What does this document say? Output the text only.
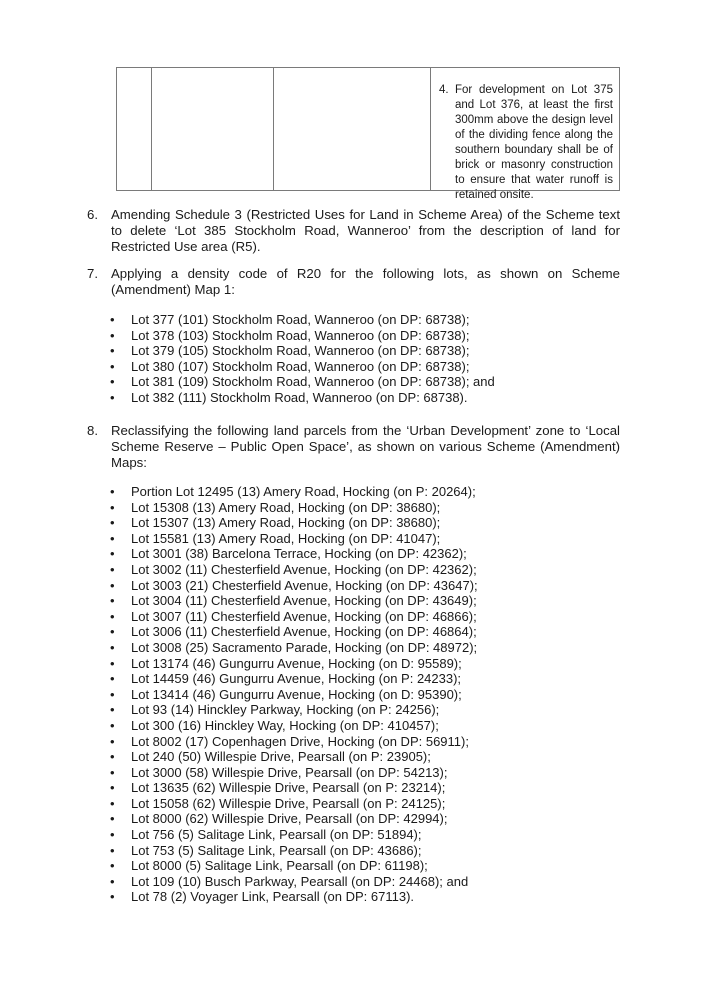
4. For development on Lot 375 and Lot 376, at least the first 300mm above the design level of the dividing fence along the southern boundary shall be of brick or masonry construction to ensure that water runoff is retained onsite.
6. Amending Schedule 3 (Restricted Uses for Land in Scheme Area) of the Scheme text to delete ‘Lot 385 Stockholm Road, Wanneroo’ from the description of land for Restricted Use area (R5).
7. Applying a density code of R20 for the following lots, as shown on Scheme (Amendment) Map 1:
• Lot 377 (101) Stockholm Road, Wanneroo (on DP: 68738);
• Lot 378 (103) Stockholm Road, Wanneroo (on DP: 68738);
• Lot 379 (105) Stockholm Road, Wanneroo (on DP: 68738);
• Lot 380 (107) Stockholm Road, Wanneroo (on DP: 68738);
• Lot 381 (109) Stockholm Road, Wanneroo (on DP: 68738); and
• Lot 382 (111) Stockholm Road, Wanneroo (on DP: 68738).
8. Reclassifying the following land parcels from the ‘Urban Development’ zone to ‘Local Scheme Reserve – Public Open Space’, as shown on various Scheme (Amendment) Maps:
• Portion Lot 12495 (13) Amery Road, Hocking (on P: 20264);
• Lot 15308 (13) Amery Road, Hocking (on DP: 38680);
• Lot 15307 (13) Amery Road, Hocking (on DP: 38680);
• Lot 15581 (13) Amery Road, Hocking (on DP: 41047);
• Lot 3001 (38) Barcelona Terrace, Hocking (on DP: 42362);
• Lot 3002 (11) Chesterfield Avenue, Hocking (on DP: 42362);
• Lot 3003 (21) Chesterfield Avenue, Hocking (on DP: 43647);
• Lot 3004 (11) Chesterfield Avenue, Hocking (on DP: 43649);
• Lot 3007 (11) Chesterfield Avenue, Hocking (on DP: 46866);
• Lot 3006 (11) Chesterfield Avenue, Hocking (on DP: 46864);
• Lot 3008 (25) Sacramento Parade, Hocking (on DP: 48972);
• Lot 13174 (46) Gungurru Avenue, Hocking (on D: 95589);
• Lot 14459 (46) Gungurru Avenue, Hocking (on P: 24233);
• Lot 13414 (46) Gungurru Avenue, Hocking (on D: 95390);
• Lot 93 (14) Hinckley Parkway, Hocking (on P: 24256);
• Lot 300 (16) Hinckley Way, Hocking (on DP: 410457);
• Lot 8002 (17) Copenhagen Drive, Hocking (on DP: 56911);
• Lot 240 (50) Willespie Drive, Pearsall (on P: 23905);
• Lot 3000 (58) Willespie Drive, Pearsall (on DP: 54213);
• Lot 13635 (62) Willespie Drive, Pearsall (on P: 23214);
• Lot 15058 (62) Willespie Drive, Pearsall (on P: 24125);
• Lot 8000 (62) Willespie Drive, Pearsall (on DP: 42994);
• Lot 756 (5) Salitage Link, Pearsall (on DP: 51894);
• Lot 753 (5) Salitage Link, Pearsall (on DP: 43686);
• Lot 8000 (5) Salitage Link, Pearsall (on DP: 61198);
• Lot 109 (10) Busch Parkway, Pearsall (on DP: 24468); and
• Lot 78 (2) Voyager Link, Pearsall (on DP: 67113).
